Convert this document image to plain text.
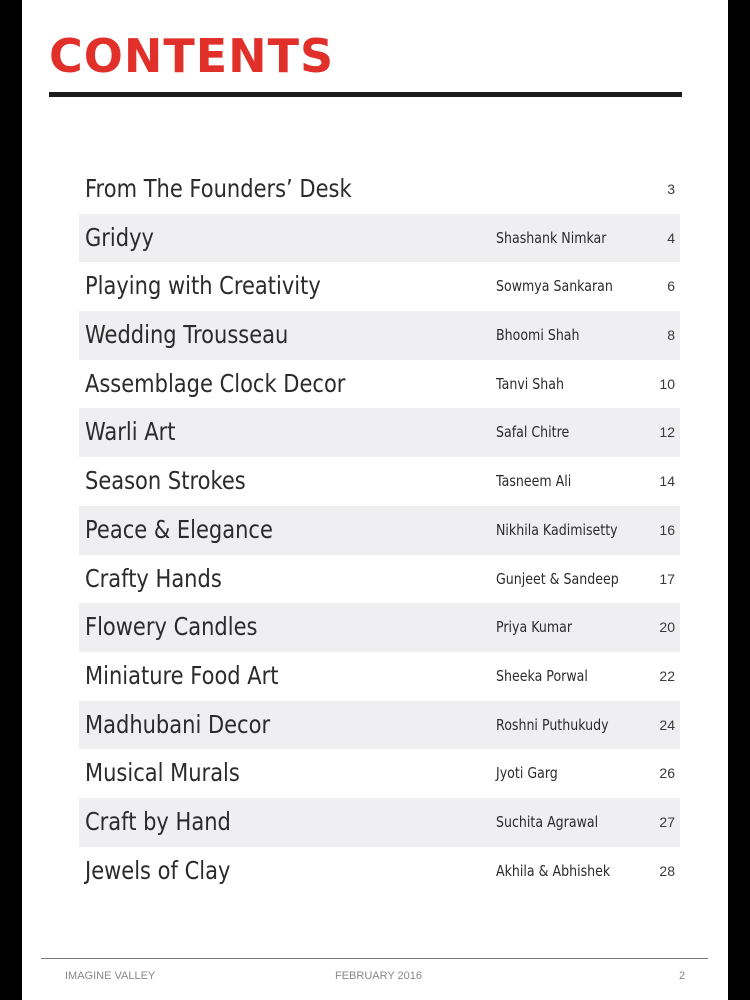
CONTENTS
From The Founders’ Desk	3
Gridyy	Shashank Nimkar	4
Playing with Creativity	Sowmya Sankaran	6
Wedding Trousseau	Bhoomi Shah	8
Assemblage Clock Decor	Tanvi Shah	10
Warli Art	Safal Chitre	12
Season Strokes	Tasneem Ali	14
Peace & Elegance	Nikhila Kadimisetty	16
Crafty Hands	Gunjeet & Sandeep	17
Flowery Candles	Priya Kumar	20
Miniature Food Art	Sheeka Porwal	22
Madhubani Decor	Roshni Puthukudy	24
Musical Murals	Jyoti Garg	26
Craft by Hand	Suchita Agrawal	27
Jewels of Clay	Akhila & Abhishek	28
IMAGINE VALLEY	FEBRUARY 2016	2
